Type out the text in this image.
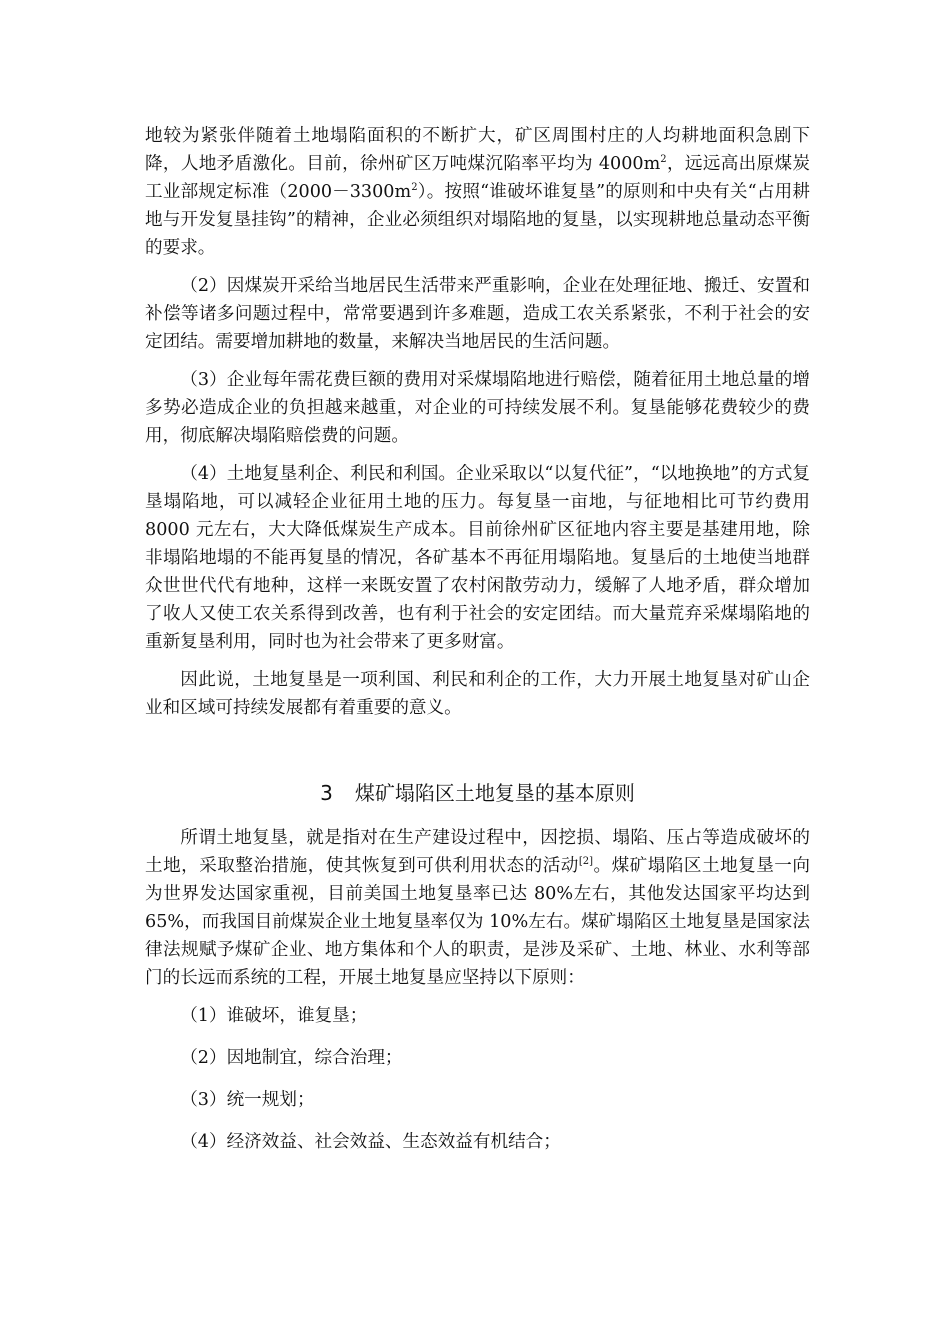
地较为紧张伴随着土地塌陷面积的不断扩大，矿区周围村庄的人均耕地面积急剧下降，人地矛盾激化。目前，徐州矿区万吨煤沉陷率平均为 $4000m^2$，远远高出原煤炭工业部规定标准$(2000-3300m^2)$。按照“谁破坏谁复垦”的原则和中央有关“占用耕地与开发复垦挂钩”的精神，企业必须组织对塌陷地的复垦，以实现耕地总量动态平衡的要求。

（2）因煤炭开采给当地居民生活带来严重影响，企业在处理征地、搬迁、安置和补偿等诸多问题过程中，常常要遇到许多难题，造成工农关系紧张，不利于社会的安定团结。需要增加耕地的数量，来解决当地居民的生活问题。

（3）企业每年需花费巨额的费用对采煤塌陷地进行赔偿，随着征用土地总量的增多势必造成企业的负担越来越重，对企业的可持续发展不利。复垦能够花费较少的费用，彻底解决塌陷赔偿费的问题。

（4）土地复垦利企、利民和利国。企业采取以“以复代征”，“以地换地”的方式复垦塌陷地，可以减轻企业征用土地的压力。每复垦一亩地，与征地相比可节约费用 8000 元左右，大大降低煤炭生产成本。目前徐州矿区征地内容主要是基建用地，除非塌陷地塌的不能再复垦的情况，各矿基本不再征用塌陷地。复垦后的土地使当地群众世世代代有地种，这样一来既安置了农村闲散劳动力，缓解了人地矛盾，群众增加了收人又使工农关系得到改善，也有利于社会的安定团结。而大量荒弃采煤塌陷地的重新复垦利用，同时也为社会带来了更多财富。

因此说，土地复垦是一项利国、利民和利企的工作，大力开展土地复垦对矿山企业和区域可持续发展都有着重要的意义。

3 煤矿塌陷区土地复垦的基本原则

所谓土地复垦，就是指对在生产建设过程中，因挖损、塌陷、压占等造成破坏的土地，采取整治措施，使其恢复到可供利用状态的活动[2]。煤矿塌陷区土地复垦一向为世界发达国家重视，目前美国土地复垦率已达 80%左右，其他发达国家平均达到 65%，而我国目前煤炭企业土地复垦率仅为 10%左右。煤矿塌陷区土地复垦是国家法律法规赋予煤矿企业、地方集体和个人的职责，是涉及采矿、土地、林业、水利等部门的长远而系统的工程，开展土地复垦应坚持以下原则：

（1）谁破坏，谁复垦；

（2）因地制宜，综合治理；

（3）统一规划；

（4）经济效益、社会效益、生态效益有机结合；
